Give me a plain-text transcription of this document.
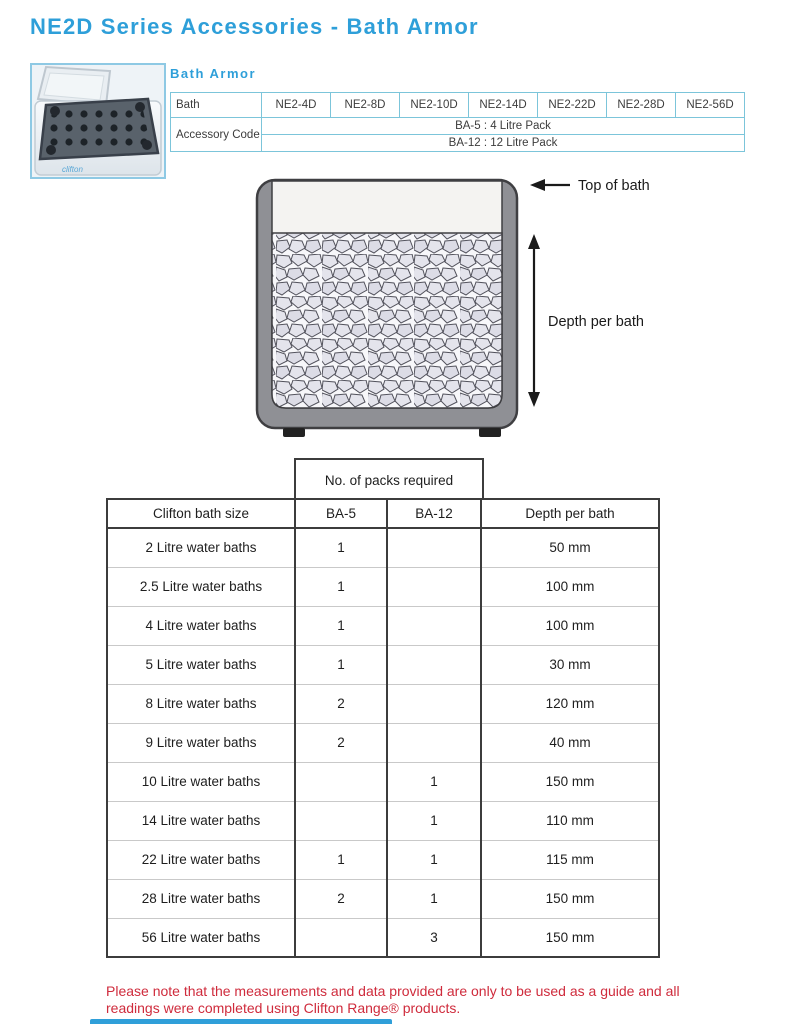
NE2D Series Accessories - Bath Armor
clifton
Bath Armor
Bath	NE2-4D	NE2-8D	NE2-10D	NE2-14D	NE2-22D	NE2-28D	NE2-56D
Accessory Code	BA-5 : 4 Litre Pack						
	BA-12 : 12 Litre Pack						
Top of bath
Depth per bath
No. of packs required
Clifton bath size	BA-5	BA-12	Depth per bath
2 Litre water baths	1		50 mm
2.5 Litre water baths	1		100 mm
4 Litre water baths	1		100 mm
5 Litre water baths	1		30 mm
8 Litre water baths	2		120 mm
9 Litre water baths	2		40 mm
10 Litre water baths		1	150 mm
14 Litre water baths		1	110 mm
22 Litre water baths	1	1	115 mm
28 Litre water baths	2	1	150 mm
56 Litre water baths		3	150 mm
Please note that the measurements and data provided are only to be used as a guide and all
readings were completed using Clifton Range® products.
